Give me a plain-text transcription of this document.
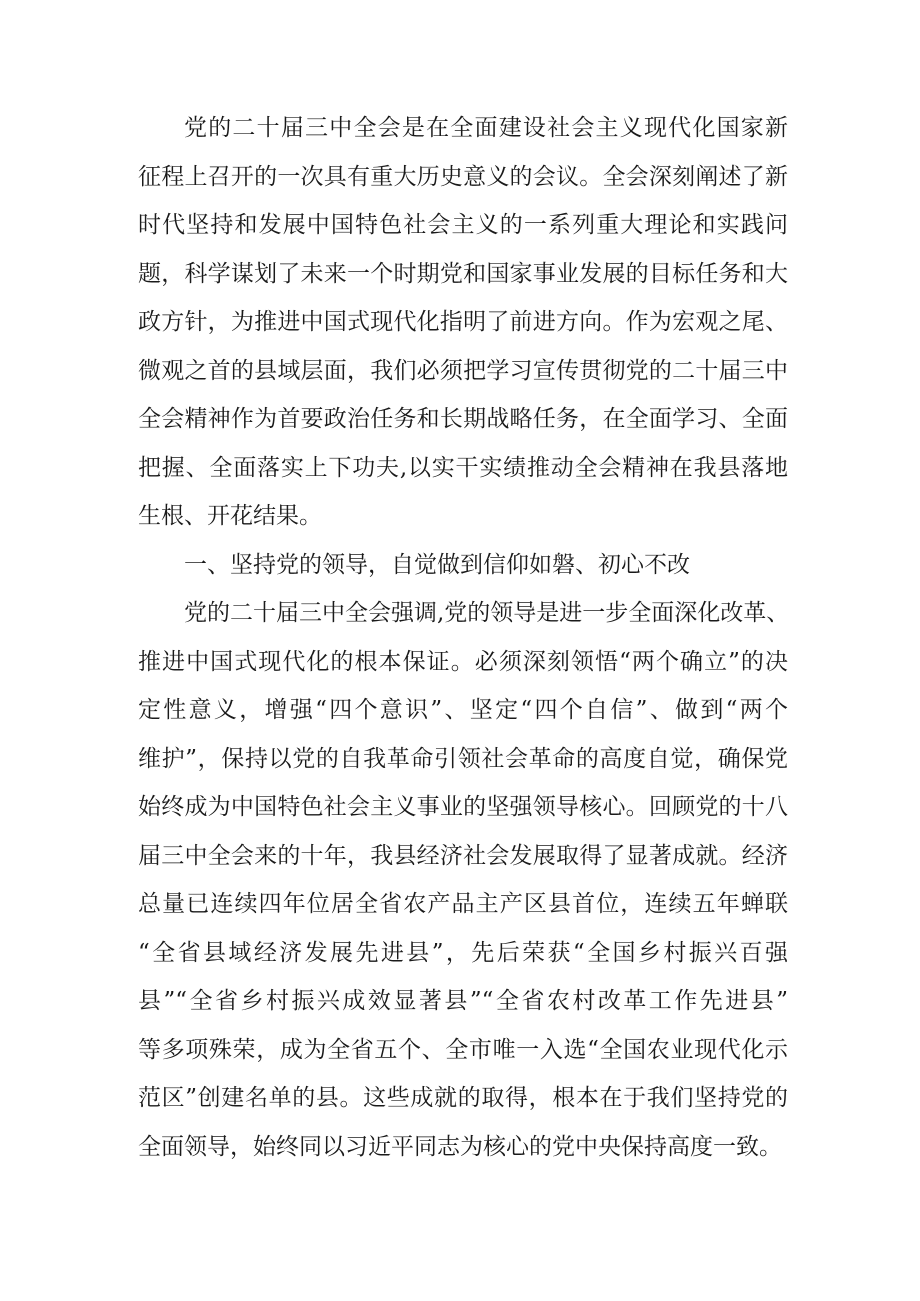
党的二十届三中全会是在全面建设社会主义现代化国家新
征程上召开的一次具有重大历史意义的会议。全会深刻阐述了新
时代坚持和发展中国特色社会主义的一系列重大理论和实践问
题，科学谋划了未来一个时期党和国家事业发展的目标任务和大
政方针，为推进中国式现代化指明了前进方向。作为宏观之尾、
微观之首的县域层面，我们必须把学习宣传贯彻党的二十届三中
全会精神作为首要政治任务和长期战略任务，在全面学习、全面
把握、全面落实上下功夫,以实干实绩推动全会精神在我县落地
生根、开花结果。
一、坚持党的领导，自觉做到信仰如磐、初心不改
党的二十届三中全会强调,党的领导是进一步全面深化改革、
推进中国式现代化的根本保证。必须深刻领悟“两个确立”的决
定性意义，增强“四个意识”、坚定“四个自信”、做到“两个
维护”，保持以党的自我革命引领社会革命的高度自觉，确保党
始终成为中国特色社会主义事业的坚强领导核心。回顾党的十八
届三中全会来的十年，我县经济社会发展取得了显著成就。经济
总量已连续四年位居全省农产品主产区县首位，连续五年蝉联
“全省县域经济发展先进县”，先后荣获“全国乡村振兴百强
县”“全省乡村振兴成效显著县”“全省农村改革工作先进县”
等多项殊荣，成为全省五个、全市唯一入选“全国农业现代化示
范区”创建名单的县。这些成就的取得，根本在于我们坚持党的
全面领导，始终同以习近平同志为核心的党中央保持高度一致。
